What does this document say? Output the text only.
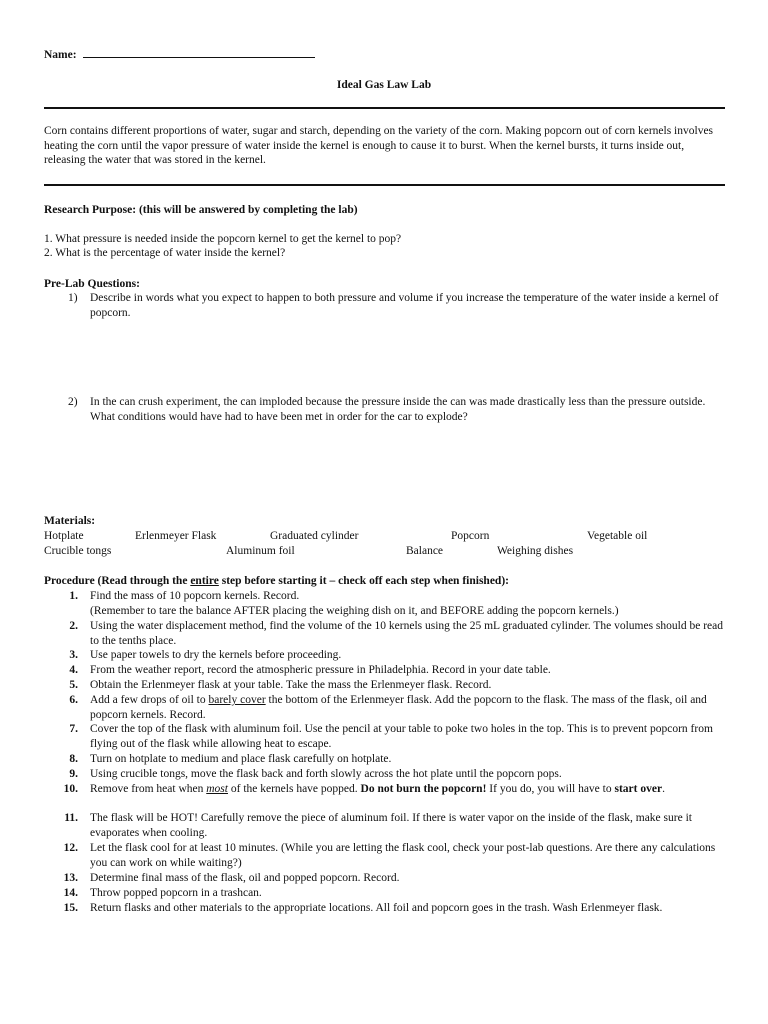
Name:
Ideal Gas Law Lab
Corn contains different proportions of water, sugar and starch, depending on the variety of the corn. Making popcorn out of corn kernels involves heating the corn until the vapor pressure of water inside the kernel is enough to cause it to burst. When the kernel bursts, it turns inside out, releasing the water that was stored in the kernel.
Research Purpose: (this will be answered by completing the lab)
1. What pressure is needed inside the popcorn kernel to get the kernel to pop?
2. What is the percentage of water inside the kernel?
Pre-Lab Questions:
1)	Describe in words what you expect to happen to both pressure and volume if you increase the temperature of the water inside a kernel of popcorn.
2)	In the can crush experiment, the can imploded because the pressure inside the can was made drastically less than the pressure outside. What conditions would have had to have been met in order for the car to explode?
Materials:
Hotplate	Erlenmeyer Flask	Graduated cylinder	Popcorn	Vegetable oil
Crucible tongs	Aluminum foil	Balance	Weighing dishes
Procedure (Read through the entire step before starting it – check off each step when finished):
1. Find the mass of 10 popcorn kernels. Record.
(Remember to tare the balance AFTER placing the weighing dish on it, and BEFORE adding the popcorn kernels.)
2. Using the water displacement method, find the volume of the 10 kernels using the 25 mL graduated cylinder. The volumes should be read to the tenths place.
3. Use paper towels to dry the kernels before proceeding.
4. From the weather report, record the atmospheric pressure in Philadelphia. Record in your date table.
5. Obtain the Erlenmeyer flask at your table. Take the mass the Erlenmeyer flask. Record.
6. Add a few drops of oil to barely cover the bottom of the Erlenmeyer flask. Add the popcorn to the flask. The mass of the flask, oil and popcorn kernels. Record.
7. Cover the top of the flask with aluminum foil. Use the pencil at your table to poke two holes in the top. This is to prevent popcorn from flying out of the flask while allowing heat to escape.
8. Turn on hotplate to medium and place flask carefully on hotplate.
9. Using crucible tongs, move the flask back and forth slowly across the hot plate until the popcorn pops.
10. Remove from heat when most of the kernels have popped. Do not burn the popcorn! If you do, you will have to start over.
11. The flask will be HOT! Carefully remove the piece of aluminum foil. If there is water vapor on the inside of the flask, make sure it evaporates when cooling.
12. Let the flask cool for at least 10 minutes. (While you are letting the flask cool, check your post-lab questions. Are there any calculations you can work on while waiting?)
13. Determine final mass of the flask, oil and popped popcorn. Record.
14. Throw popped popcorn in a trashcan.
15. Return flasks and other materials to the appropriate locations. All foil and popcorn goes in the trash. Wash Erlenmeyer flask.
